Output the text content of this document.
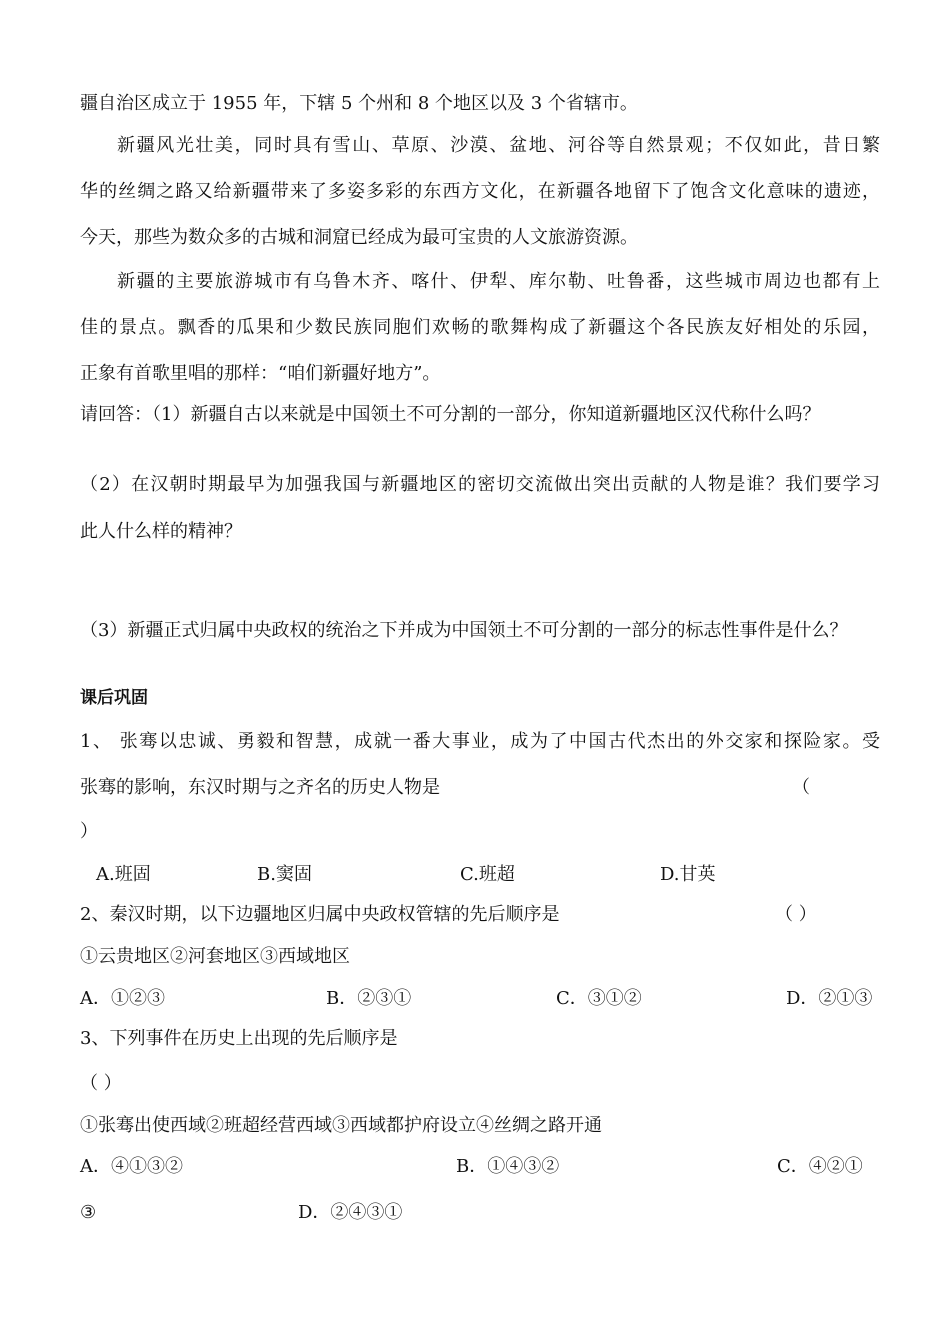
疆自治区成立于 1955 年，下辖 5 个州和 8 个地区以及 3 个省辖市。
新疆风光壮美，同时具有雪山、草原、沙漠、盆地、河谷等自然景观；不仅如此，昔日繁
华的丝绸之路又给新疆带来了多姿多彩的东西方文化，在新疆各地留下了饱含文化意味的遗迹，
今天，那些为数众多的古城和洞窟已经成为最可宝贵的人文旅游资源。
新疆的主要旅游城市有乌鲁木齐、喀什、伊犁、库尔勒、吐鲁番，这些城市周边也都有上
佳的景点。飘香的瓜果和少数民族同胞们欢畅的歌舞构成了新疆这个各民族友好相处的乐园，
正象有首歌里唱的那样：“咱们新疆好地方”。
请回答：（1）新疆自古以来就是中国领土不可分割的一部分，你知道新疆地区汉代称什么吗？
（2）在汉朝时期最早为加强我国与新疆地区的密切交流做出突出贡献的人物是谁？我们要学习
此人什么样的精神？
（3）新疆正式归属中央政权的统治之下并成为中国领土不可分割的一部分的标志性事件是什么？
课后巩固
1、 张骞以忠诚、勇毅和智慧，成就一番大事业，成为了中国古代杰出的外交家和探险家。受
张骞的影响，东汉时期与之齐名的历史人物是	（
）
A.班固	B.窦固	C.班超	D.甘英
2、秦汉时期，以下边疆地区归属中央政权管辖的先后顺序是	（ ）
①云贵地区②河套地区③西域地区
A．①②③	B．②③①	C．③①②	D．②①③
3、下列事件在历史上出现的先后顺序是
（ ）
①张骞出使西域②班超经营西域③西域都护府设立④丝绸之路开通
A．④①③②	B．①④③②	C．④②①
③	D．②④③①
